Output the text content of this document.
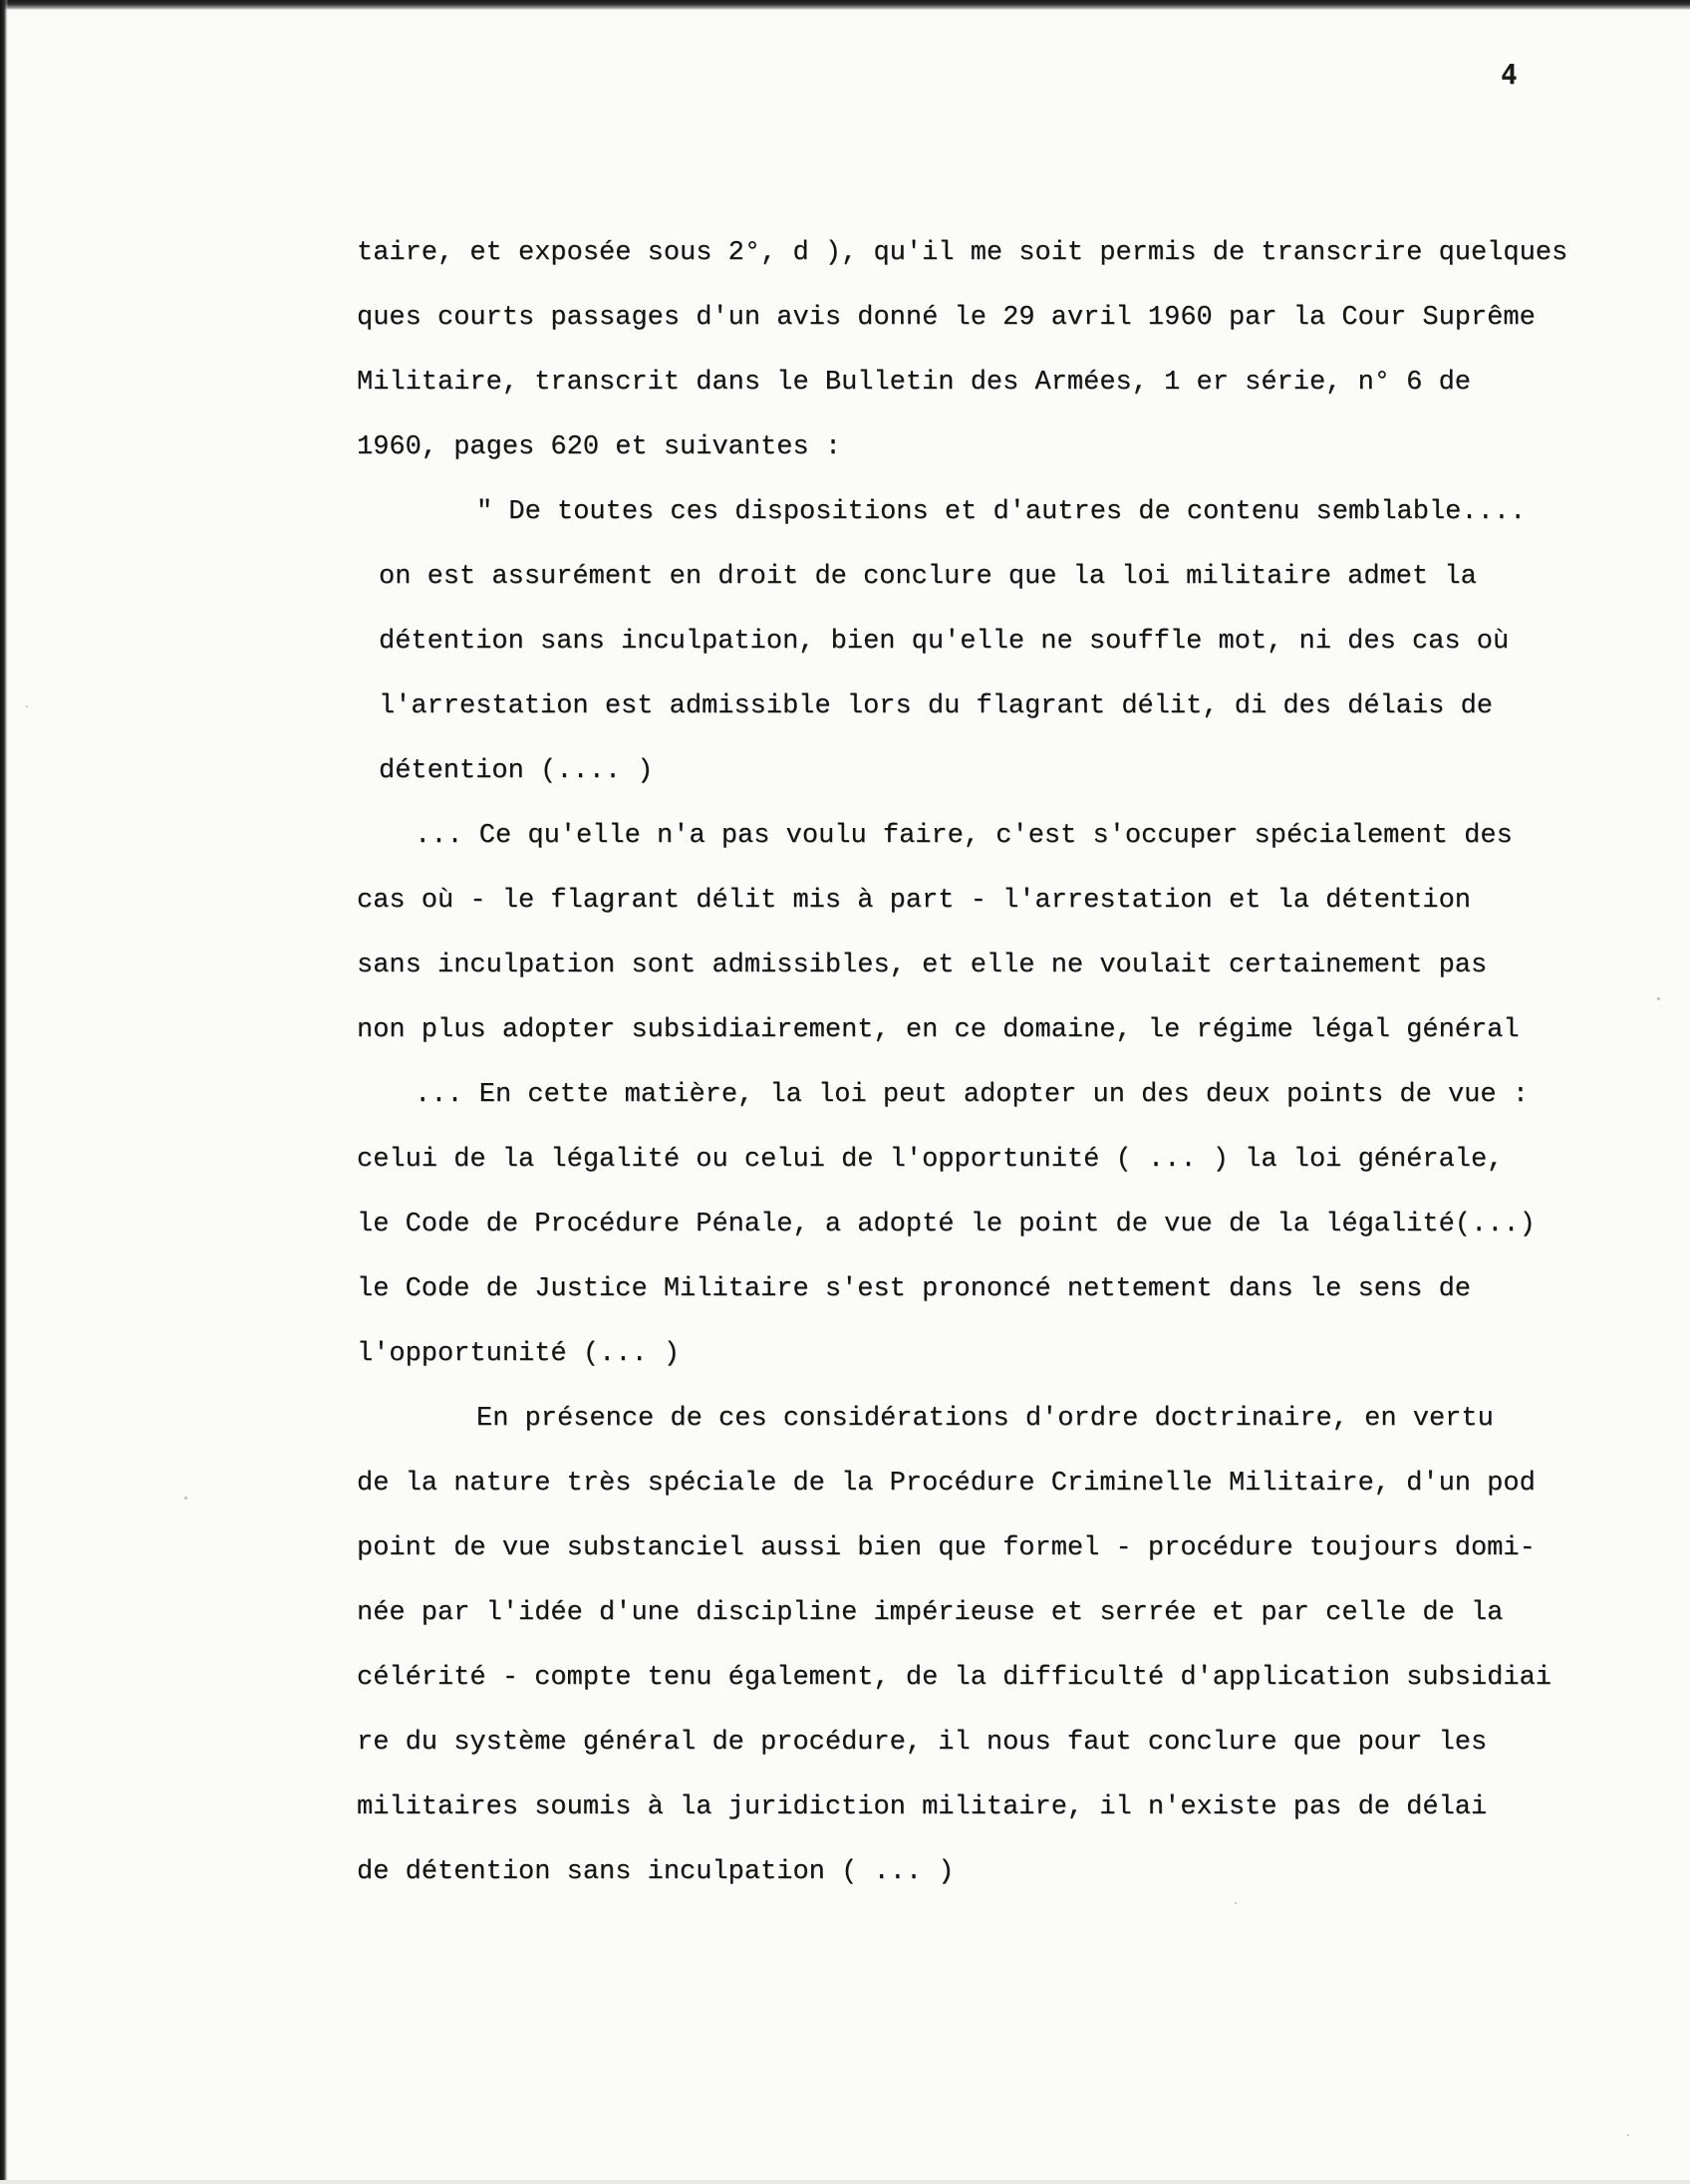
4
taire, et exposée sous 2°, d ), qu'il me soit permis de transcrire quelques
ques courts passages d'un avis donné le 29 avril 1960 par la Cour Suprême
Militaire, transcrit dans le Bulletin des Armées, 1 er série, n° 6 de
1960, pages 620 et suivantes :
" De toutes ces dispositions et d'autres de contenu semblable....
on est assurément en droit de conclure que la loi militaire admet la
détention sans inculpation, bien qu'elle ne souffle mot, ni des cas où
l'arrestation est admissible lors du flagrant délit, di des délais de
détention (.... )
... Ce qu'elle n'a pas voulu faire, c'est s'occuper spécialement des
cas où - le flagrant délit mis à part - l'arrestation et la détention
sans inculpation sont admissibles, et elle ne voulait certainement pas
non plus adopter subsidiairement, en ce domaine, le régime légal général
... En cette matière, la loi peut adopter un des deux points de vue :
celui de la légalité ou celui de l'opportunité ( ... ) la loi générale,
le Code de Procédure Pénale, a adopté le point de vue de la légalité(...)
le Code de Justice Militaire s'est prononcé nettement dans le sens de
l'opportunité (... )
En présence de ces considérations d'ordre doctrinaire, en vertu
de la nature très spéciale de la Procédure Criminelle Militaire, d'un pod
point de vue substanciel aussi bien que formel - procédure toujours domi-
née par l'idée d'une discipline impérieuse et serrée et par celle de la
célérité - compte tenu également, de la difficulté d'application subsidiai
re du système général de procédure, il nous faut conclure que pour les
militaires soumis à la juridiction militaire, il n'existe pas de délai
de détention sans inculpation ( ... )
